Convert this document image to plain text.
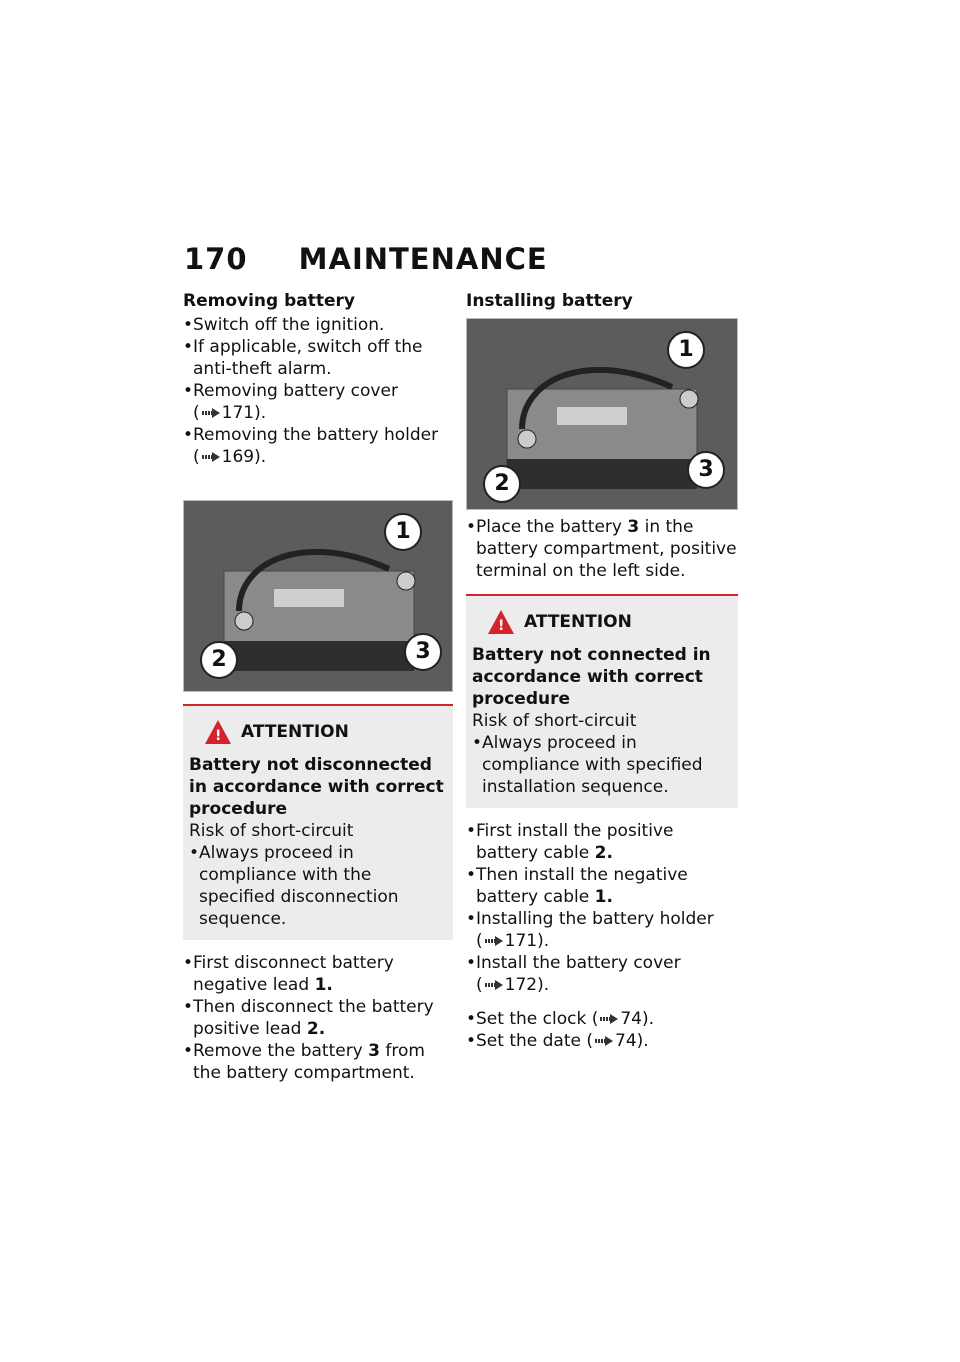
170 MAINTENANCE
Removing battery
• Switch off the ignition.
• If applicable, switch off the anti-theft alarm.
• Removing battery cover
( 171).
• Removing the battery holder
( 169).
1
2	3
!
ATTENTION
Battery not disconnected in accordance with correct procedure
Risk of short-circuit
• Always proceed in compliance with the specified disconnection sequence.
• First disconnect battery negative lead 1.
• Then disconnect the battery positive lead 2.
• Remove the battery 3 from the battery compartment.
Installing battery
1
2
3
• Place the battery 3 in the battery compartment, positive terminal on the left side.
!
ATTENTION
Battery not connected in accordance with correct procedure
Risk of short-circuit
• Always proceed in compliance with specified installation sequence.
• First install the positive battery cable 2.
• Then install the negative battery cable 1.
• Installing the battery holder
( 171).
• Install the battery cover
( 172).
• Set the clock ( 74).
• Set the date ( 74).
